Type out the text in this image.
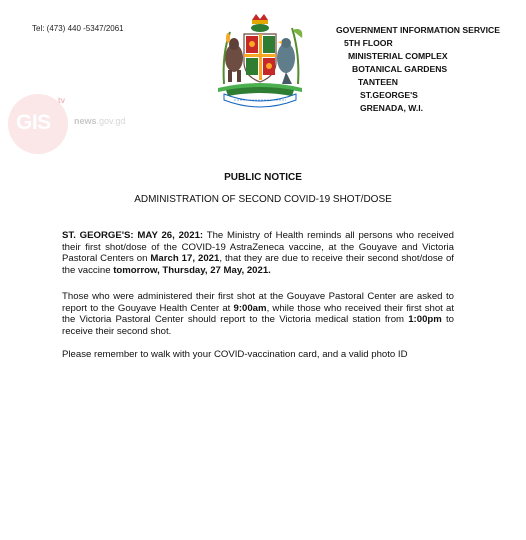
Tel: (473) 440 -5347/2061	GOVERNMENT INFORMATION SERVICE
5TH FLOOR
MINISTERIAL COMPLEX
BOTANICAL GARDENS
TANTEEN
ST.GEORGE'S
GRENADA, W.I.
GIS
tv
news.gov.gd
PUBLIC NOTICE
ADMINISTRATION OF SECOND COVID-19 SHOT/DOSE
ST. GEORGE'S: MAY 26, 2021: The Ministry of Health reminds all persons who received their first shot/dose of the COVID-19 AstraZeneca vaccine, at the Gouyave and Victoria Pastoral Centers on March 17, 2021, that they are due to receive their second shot/dose of the vaccine tomorrow, Thursday, 27 May, 2021.
Those who were administered their first shot at the Gouyave Pastoral Center are asked to report to the Gouyave Health Center at 9:00am, while those who received their first shot at the Victoria Pastoral Center should report to the Victoria medical station from 1:00pm to receive their second shot.
Please remember to walk with your COVID-vaccination card, and a valid photo ID
